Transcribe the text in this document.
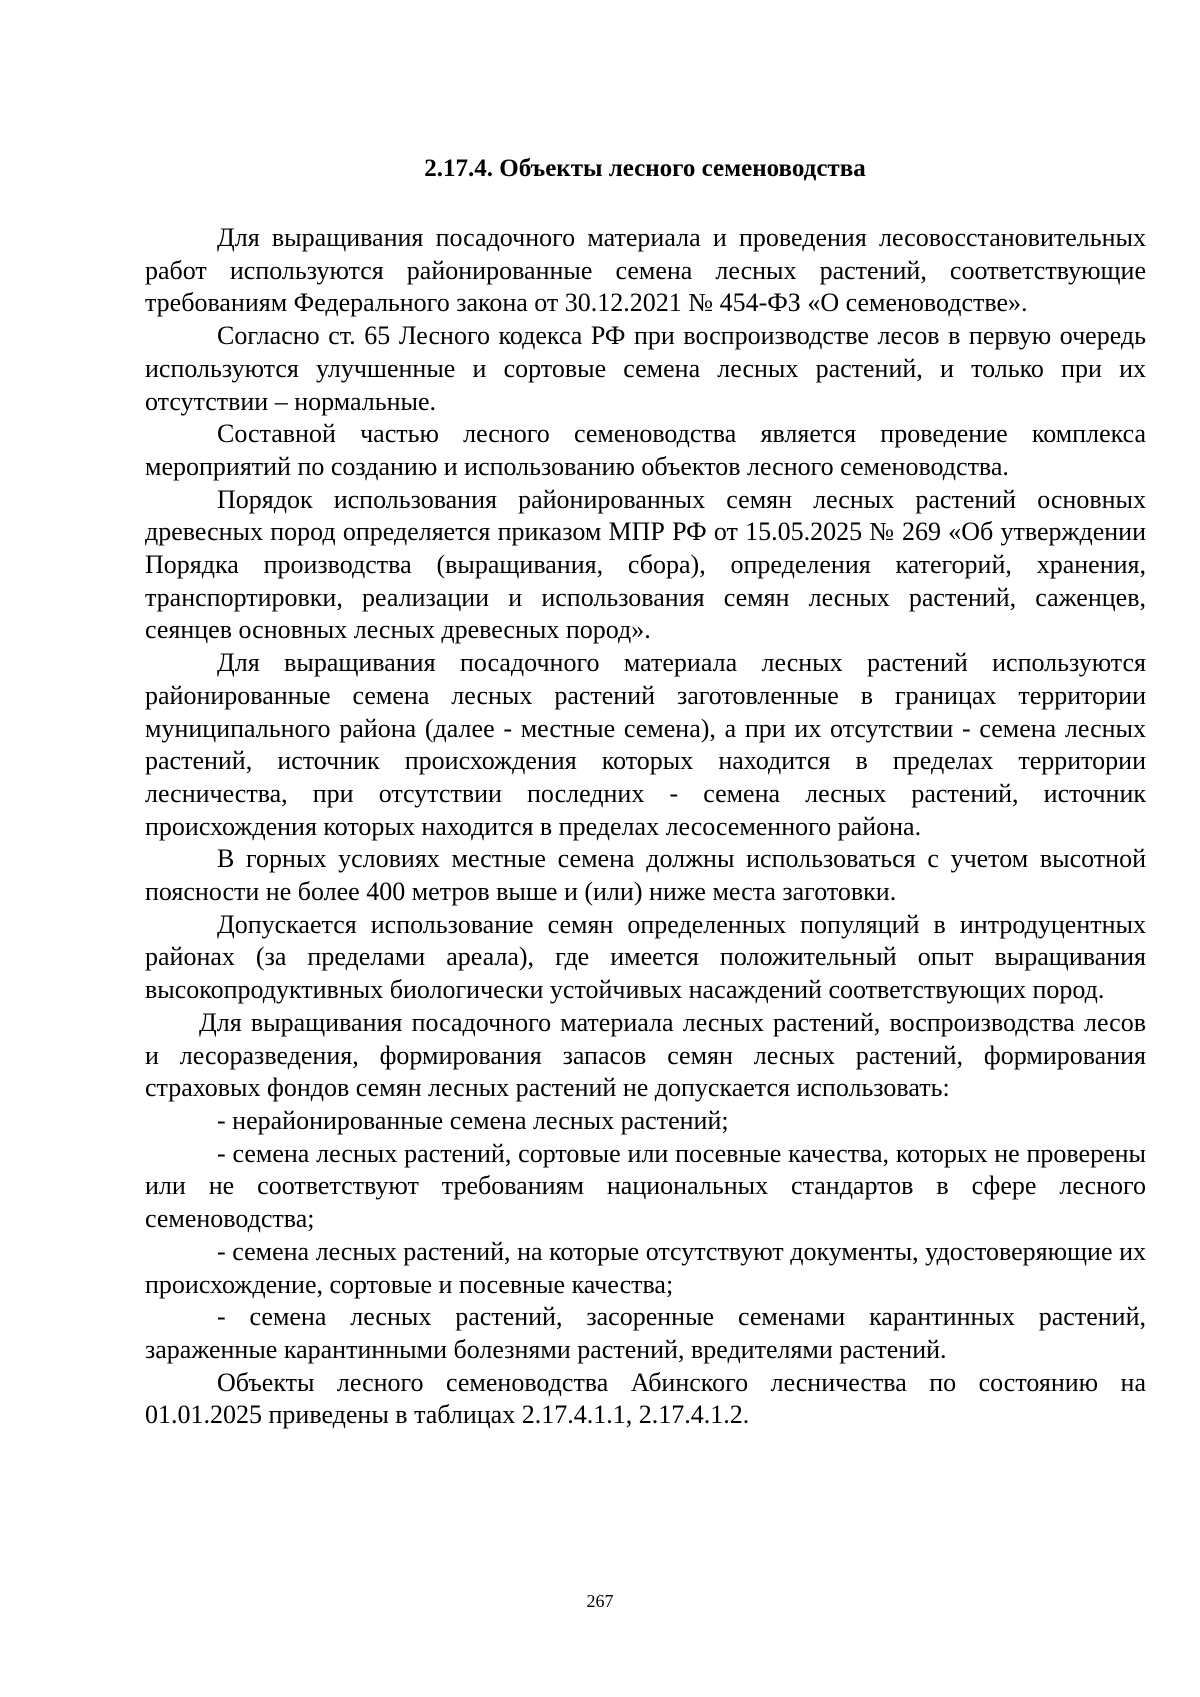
2.17.4. Объекты лесного семеноводства

Для выращивания посадочного материала и проведения лесовосстановительных работ используются районированные семена лесных растений, соответствующие требованиям Федерального закона от 30.12.2021 № 454-ФЗ «О семеноводстве».

Согласно ст. 65 Лесного кодекса РФ при воспроизводстве лесов в первую очередь используются улучшенные и сортовые семена лесных растений, и только при их отсутствии – нормальные.

Составной частью лесного семеноводства является проведение комплекса мероприятий по созданию и использованию объектов лесного семеноводства.

Порядок использования районированных семян лесных растений основных древесных пород определяется приказом МПР РФ от 15.05.2025 № 269 «Об утверждении Порядка производства (выращивания, сбора), определения категорий, хранения, транспортировки, реализации и использования семян лесных растений, саженцев, сеянцев основных лесных древесных пород».

Для выращивания посадочного материала лесных растений используются районированные семена лесных растений заготовленные в границах территории муниципального района (далее - местные семена), а при их отсутствии - семена лесных растений, источник происхождения которых находится в пределах территории лесничества, при отсутствии последних - семена лесных растений, источник происхождения которых находится в пределах лесосеменного района.

В горных условиях местные семена должны использоваться с учетом высотной поясности не более 400 метров выше и (или) ниже места заготовки.

Допускается использование семян определенных популяций в интродуцентных районах (за пределами ареала), где имеется положительный опыт выращивания высокопродуктивных биологически устойчивых насаждений соответствующих пород.

Для выращивания посадочного материала лесных растений, воспроизводства лесов и лесоразведения, формирования запасов семян лесных растений, формирования страховых фондов семян лесных растений не допускается использовать:

- нерайонированные семена лесных растений;

- семена лесных растений, сортовые или посевные качества, которых не проверены или не соответствуют требованиям национальных стандартов в сфере лесного семеноводства;

- семена лесных растений, на которые отсутствуют документы, удостоверяющие их происхождение, сортовые и посевные качества;

- семена лесных растений, засоренные семенами карантинных растений, зараженные карантинными болезнями растений, вредителями растений.

Объекты лесного семеноводства Абинского лесничества по состоянию на 01.01.2025 приведены в таблицах 2.17.4.1.1, 2.17.4.1.2.

267
